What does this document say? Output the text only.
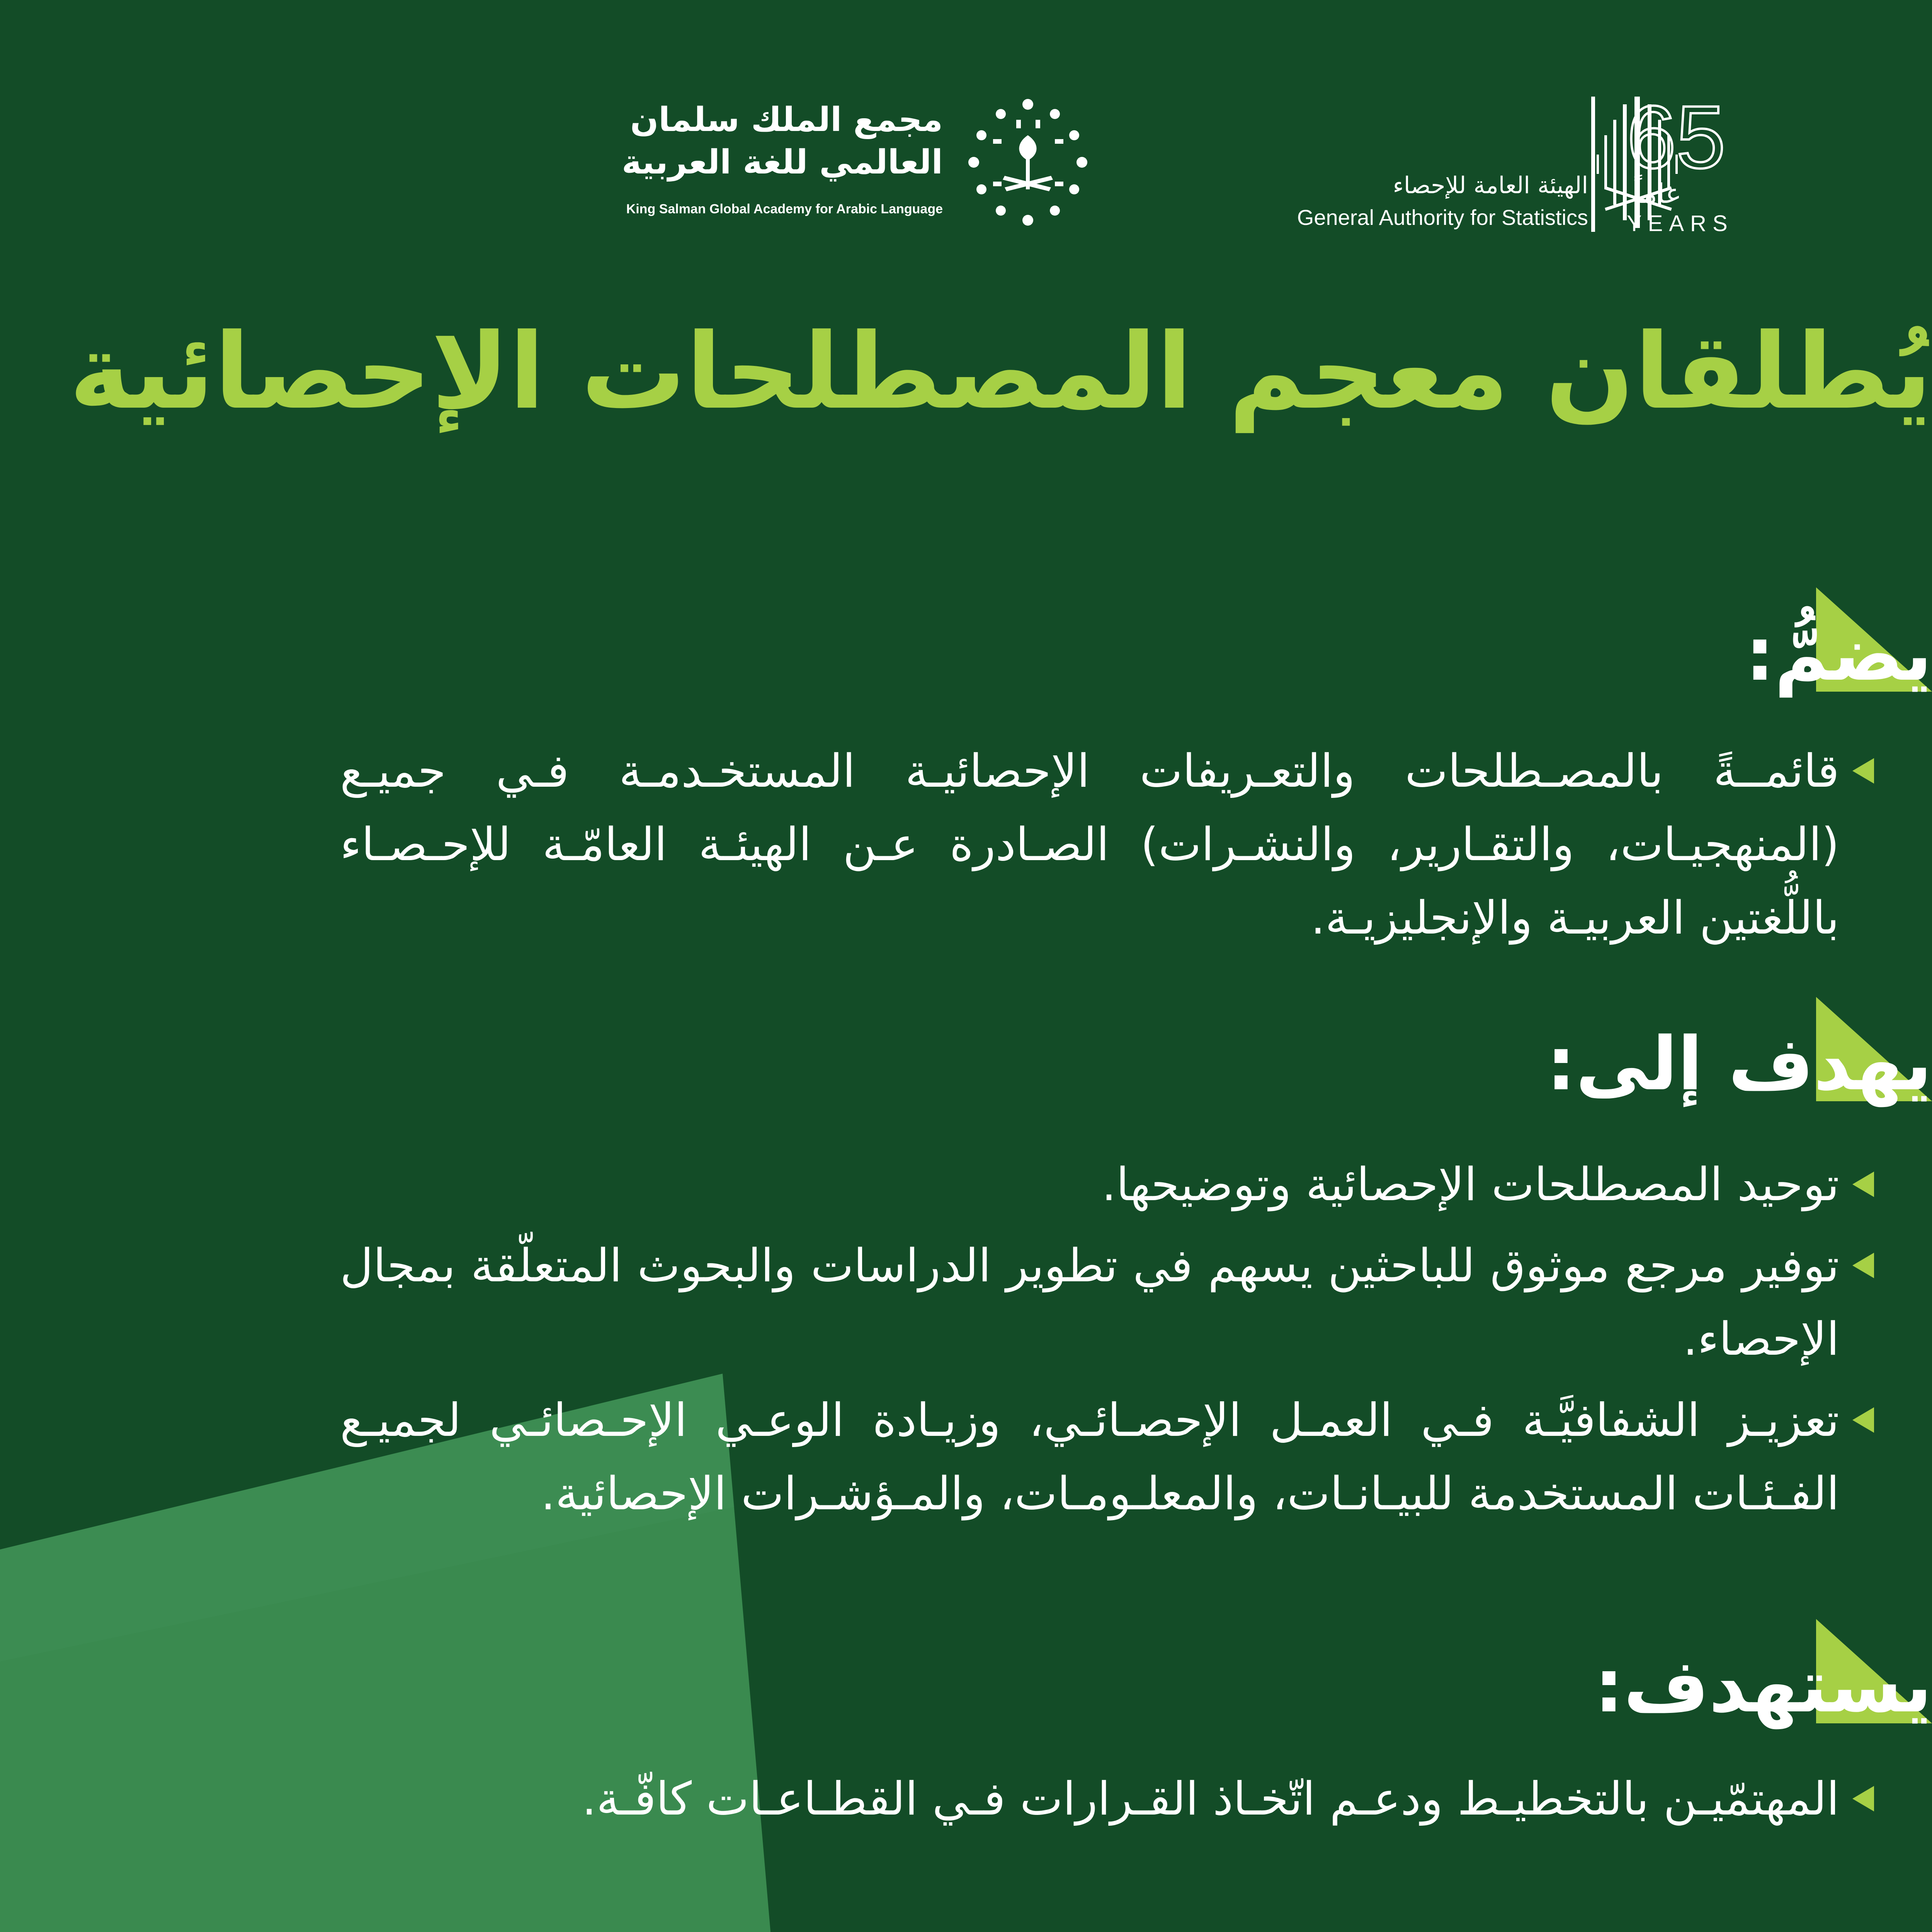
مجمع الملك سلمان
العالمي للغة العربية
King Salman Global Academy for Arabic Language
الهيئة العامة للإحصاء
General Authority for Statistics
65
عاماً
YEARS
يُطلقان معجم المصطلحات الإحصائية
يضمُّ:
قائمــةً بالمصـطلحات والتعـريفات الإحصائيـة المستخـدمـة فـي جميـع (المنهجيـات، والتقـارير، والنشـرات) الصـادرة عـن الهيئـة العامّـة للإحـصـاء باللُّغتين العربيـة والإنجليزيـة.
يهدف إلى:
توحيد المصطلحات الإحصائية وتوضيحها.
توفير مرجع موثوق للباحثين يسهم في تطوير الدراسات والبحوث المتعلّقة بمجال الإحصاء.
تعزيـز الشفافيَّـة فـي العمـل الإحصـائـي، وزيـادة الوعـي الإحـصائـي لجميـع الفـئـات المستخدمة للبيـانـات، والمعلـومـات، والمـؤشـرات الإحصائية.
يستهدف:
المهتمّيـن بالتخطيـط ودعـم اتّخـاذ القـرارات فـي القطـاعـات كافّـة.
